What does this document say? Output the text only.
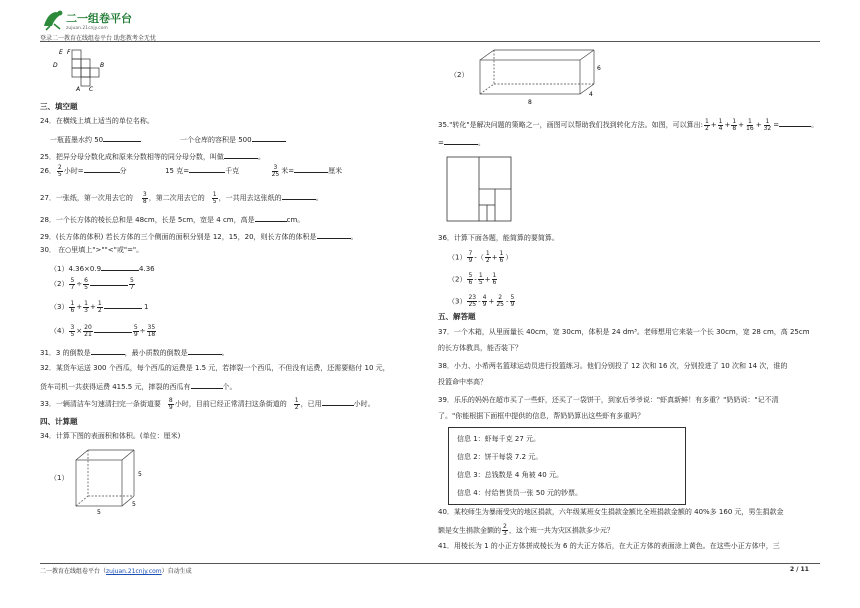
二一组卷平台
zujuan.21cnjy.com
登录二一教育在线组卷平台 助您教考全无忧
E F
D	B
A C
三、填空题
24．在横线上填上适当的单位名称。
一瓶蓝墨水约 50	一个仓库的容积是 500
25．把异分母分数化成和原来分数相等的同分母分数，叫做	。
26． $\frac{2}{5}$ 小时=	分	15 克=	千克	$\frac{3}{25}$ 米=	厘米
27．一张纸，第一次用去它的 $\frac{3}{8}$ ，第二次用去它的 $\frac{1}{5}$ ，一共用去这张纸的	。
28．一个长方体的棱长总和是 48cm，长是 5cm，宽是 4 cm，高是	cm。
29．(长方体的体积) 若长方体的三个侧面的面积分别是 12，15，20，则长方体的体积是	。
30． 在○里填上">""<"或"="。
（1）4.36×0.9	4.36
$(2) \frac{5}{7} \div \frac{6}{5}$	$\frac{5}{7}$
$(3) \frac{1}{6} + \frac{1}{3} + \frac{1}{2}$	1
$(4) \frac{3}{5} \times \frac{20}{21}$	$\frac{5}{9} \div \frac{35}{18}$
31．3 的倒数是	，最小质数的倒数是	。
32．某货车运送 300 个西瓜，每个西瓜的运费是 1.5 元，若摔裂一个西瓜，不但没有运费，还需要赔付 10 元，
货车司机一共获得运费 415.5 元，摔裂的西瓜有	个。
33．一辆清洁车匀速清扫完一条街道要 $\frac{8}{9}$ 小时，目前已经正常清扫这条街道的 $\frac{1}{2}$ ，已用	小时。
四、计算题
34．计算下图的表面积和体积。(单位：厘米)
（1）	5
5
5
（2）
6
4
8
35."转化"是解决问题的策略之一，画图可以帮助我们找到转化方法。如图，可以算出: $\frac{1}{2} + \frac{1}{4} + \frac{1}{8} + \frac{1}{16} + \frac{1}{32}$ =	。
=	。
36．计算下面各题，能简算的要简算。
$(1) \frac{7}{9}$ -（ $\frac{1}{2} + \frac{1}{6}$ ）
$(2) \frac{5}{6} - \frac{1}{5} + \frac{1}{6}$
$(3) \frac{23}{25} - \frac{4}{9} + \frac{2}{25} - \frac{5}{9}$
五、解答题
37．一个木箱，从里面量长 40cm，宽 30cm，体积是 24 dm³。老师想用它来装一个长 30cm，宽 28 cm，高 25cm
的长方体教具，能否装下？
38．小力、小希两名篮球运动员进行投篮练习。他们分别投了 12 次和 16 次，分别投进了 10 次和 14 次，谁的
投篮命中率高？
39．乐乐的妈妈在超市买了一些虾，还买了一袋饼干，到家后爷爷说："虾真新鲜！有多重？"奶奶说："记不清
了。"你能根据下面框中提供的信息，帮奶奶算出这些虾有多重吗？
信息 1：虾每千克 27 元。
信息 2：饼干每袋 7.2 元。
信息 3：总钱数是 4 角被 40 元。
信息 4：付给售货员一张 50 元的钞票。
40．某校师生为暴雨受灾的地区捐款，六年级某班女生捐款金额比全班捐款金额的 40%多 160 元，男生捐款金
额是女生捐款金额的 $\frac{2}{3}$ ，这个班一共为灾区捐款多少元？
41．用棱长为 1 的小正方体拼成棱长为 6 的大正方体后，在大正方体的表面涂上黄色。在这些小正方体中，三
二一教育在线组卷平台（zujuan.21cnjy.com）自动生成	2 / 11
